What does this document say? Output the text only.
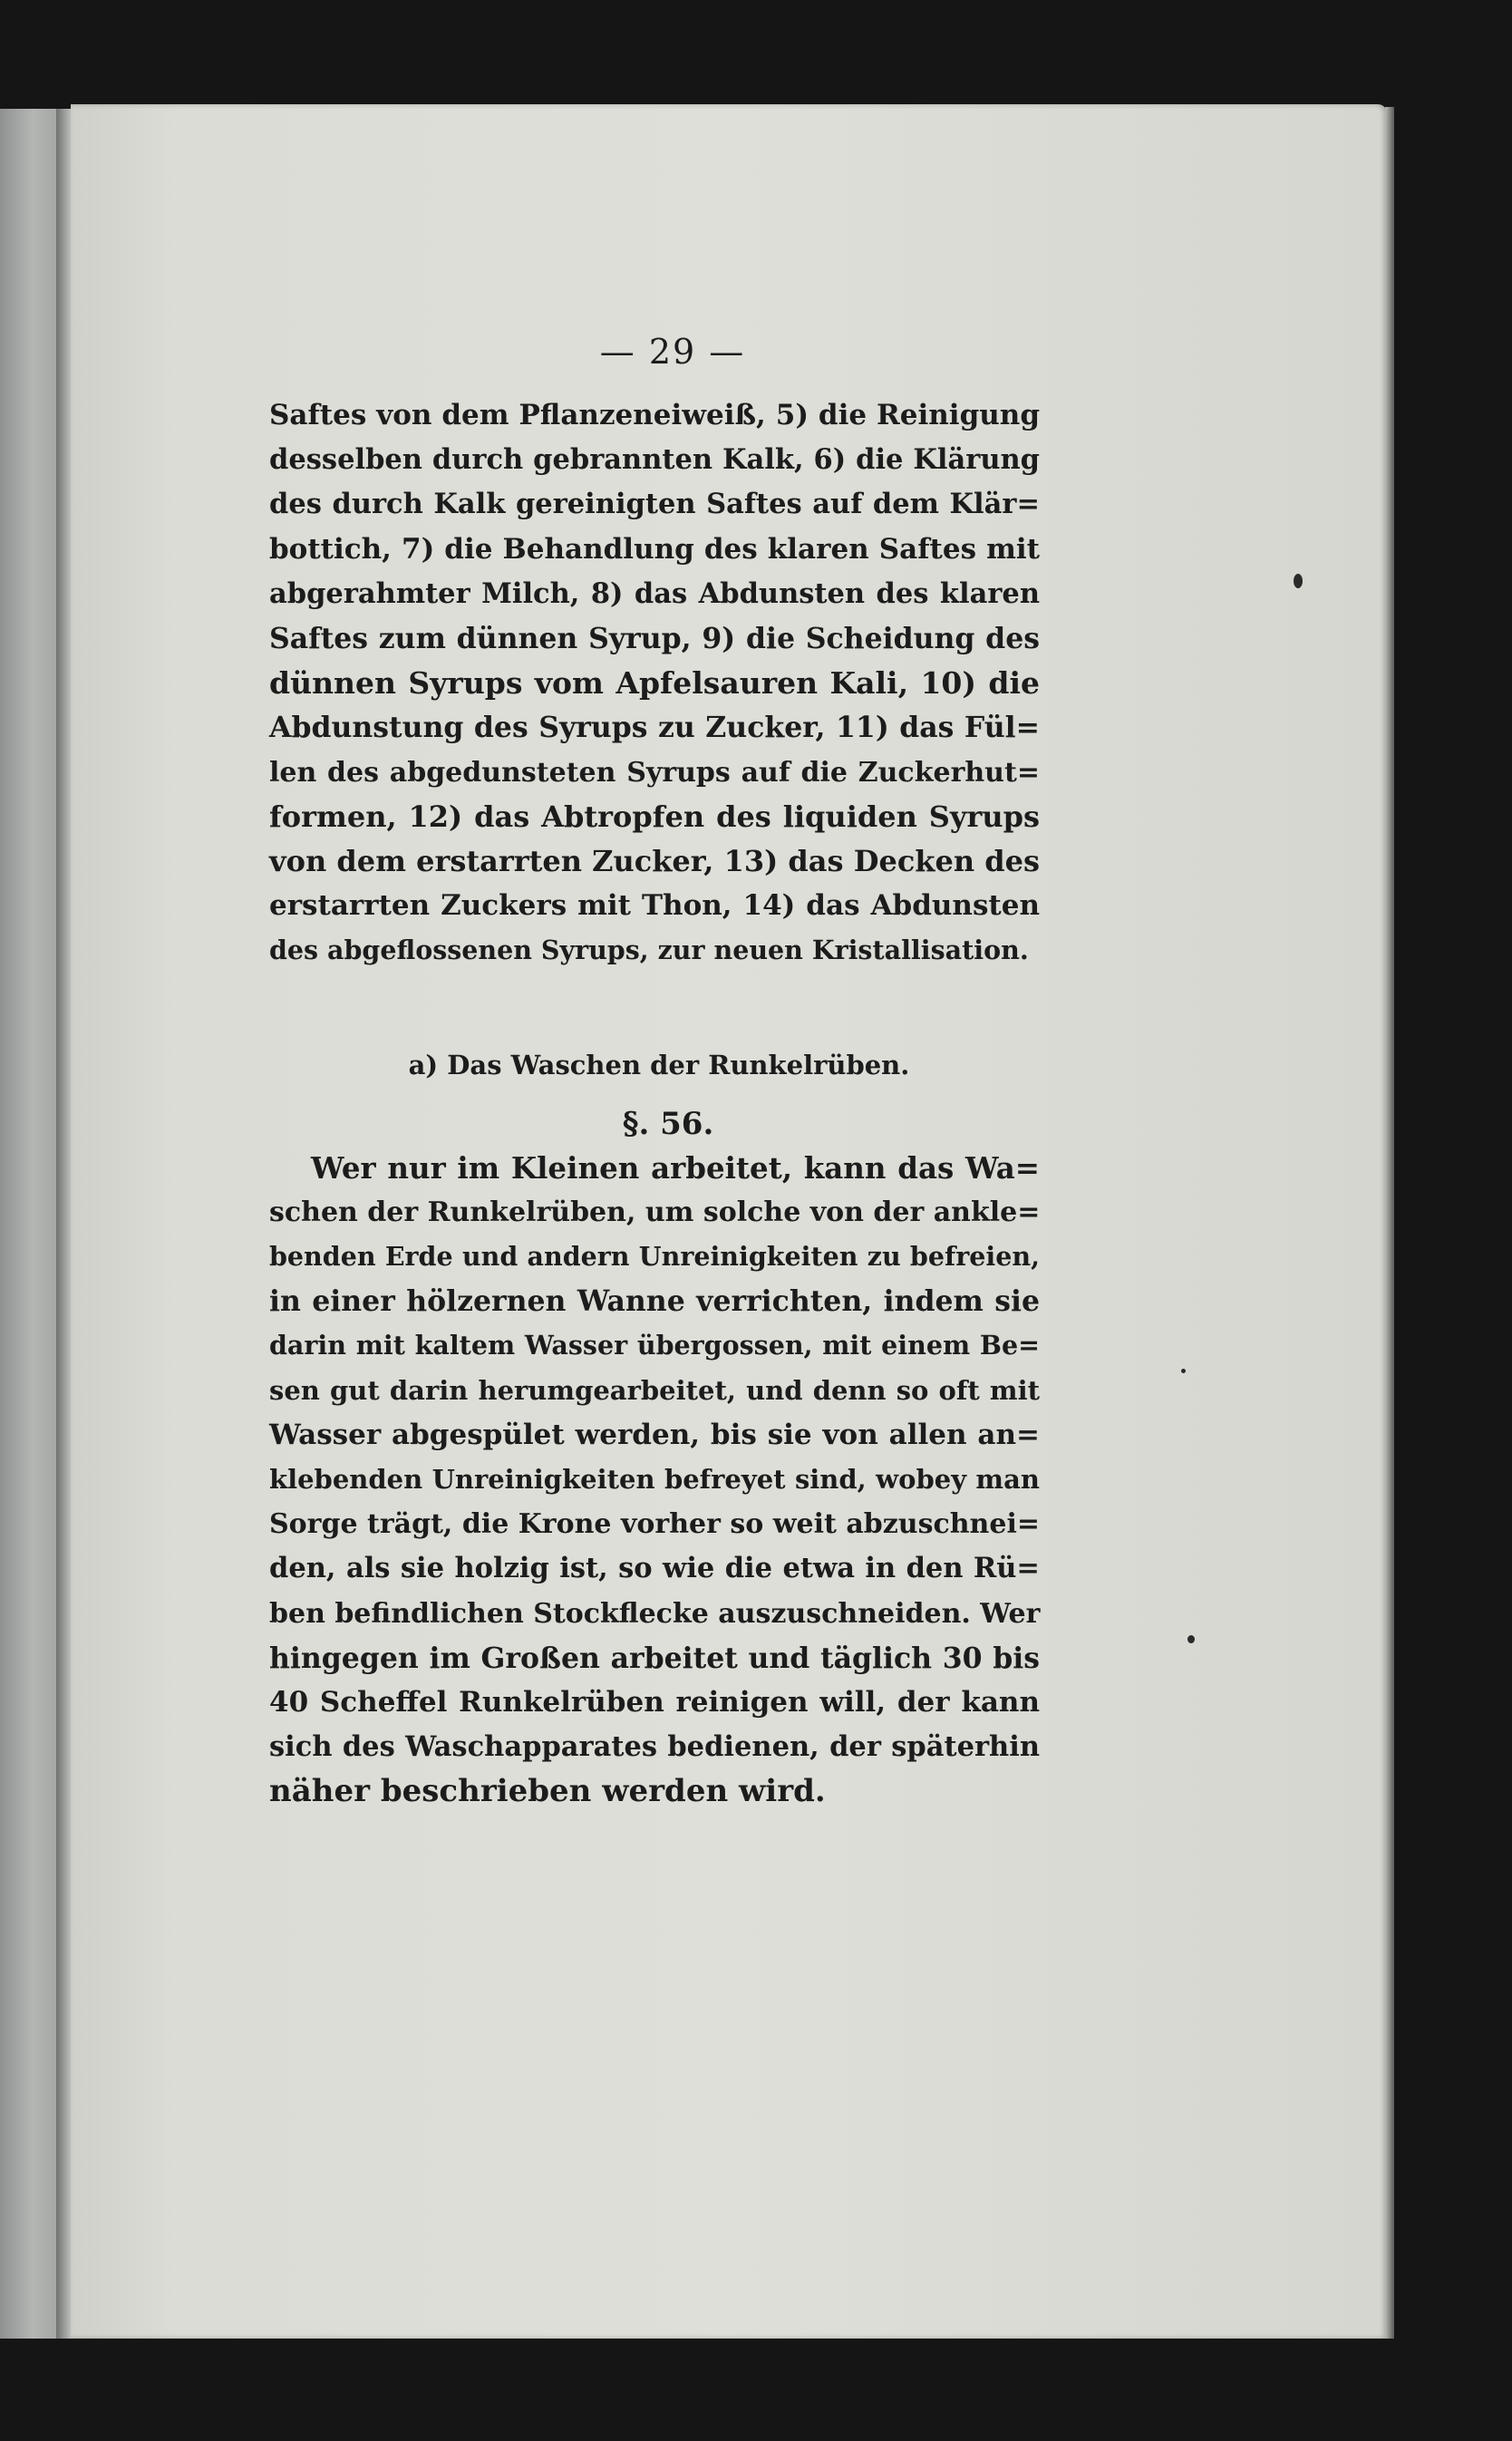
— 29 —
Saftes von dem Pflanzeneiweiß, 5) die Reinigung
desselben durch gebrannten Kalk, 6) die Klärung
des durch Kalk gereinigten Saftes auf dem Klär=
bottich, 7) die Behandlung des klaren Saftes mit
abgerahmter Milch, 8) das Abdunsten des klaren
Saftes zum dünnen Syrup, 9) die Scheidung des
dünnen Syrups vom Apfelsauren Kali, 10) die
Abdunstung des Syrups zu Zucker, 11) das Fül=
len des abgedunsteten Syrups auf die Zuckerhut=
formen, 12) das Abtropfen des liquiden Syrups
von dem erstarrten Zucker, 13) das Decken des
erstarrten Zuckers mit Thon, 14) das Abdunsten
des abgeflossenen Syrups, zur neuen Kristallisation.
a) Das Waschen der Runkelrüben.
§. 56.
Wer nur im Kleinen arbeitet, kann das Wa=
schen der Runkelrüben, um solche von der ankle=
benden Erde und andern Unreinigkeiten zu befreien,
in einer hölzernen Wanne verrichten, indem sie
darin mit kaltem Wasser übergossen, mit einem Be=
sen gut darin herumgearbeitet, und denn so oft mit
Wasser abgespület werden, bis sie von allen an=
klebenden Unreinigkeiten befreyet sind, wobey man
Sorge trägt, die Krone vorher so weit abzuschnei=
den, als sie holzig ist, so wie die etwa in den Rü=
ben befindlichen Stockflecke auszuschneiden. Wer
hingegen im Großen arbeitet und täglich 30 bis
40 Scheffel Runkelrüben reinigen will, der kann
sich des Waschapparates bedienen, der späterhin
näher beschrieben werden wird.
